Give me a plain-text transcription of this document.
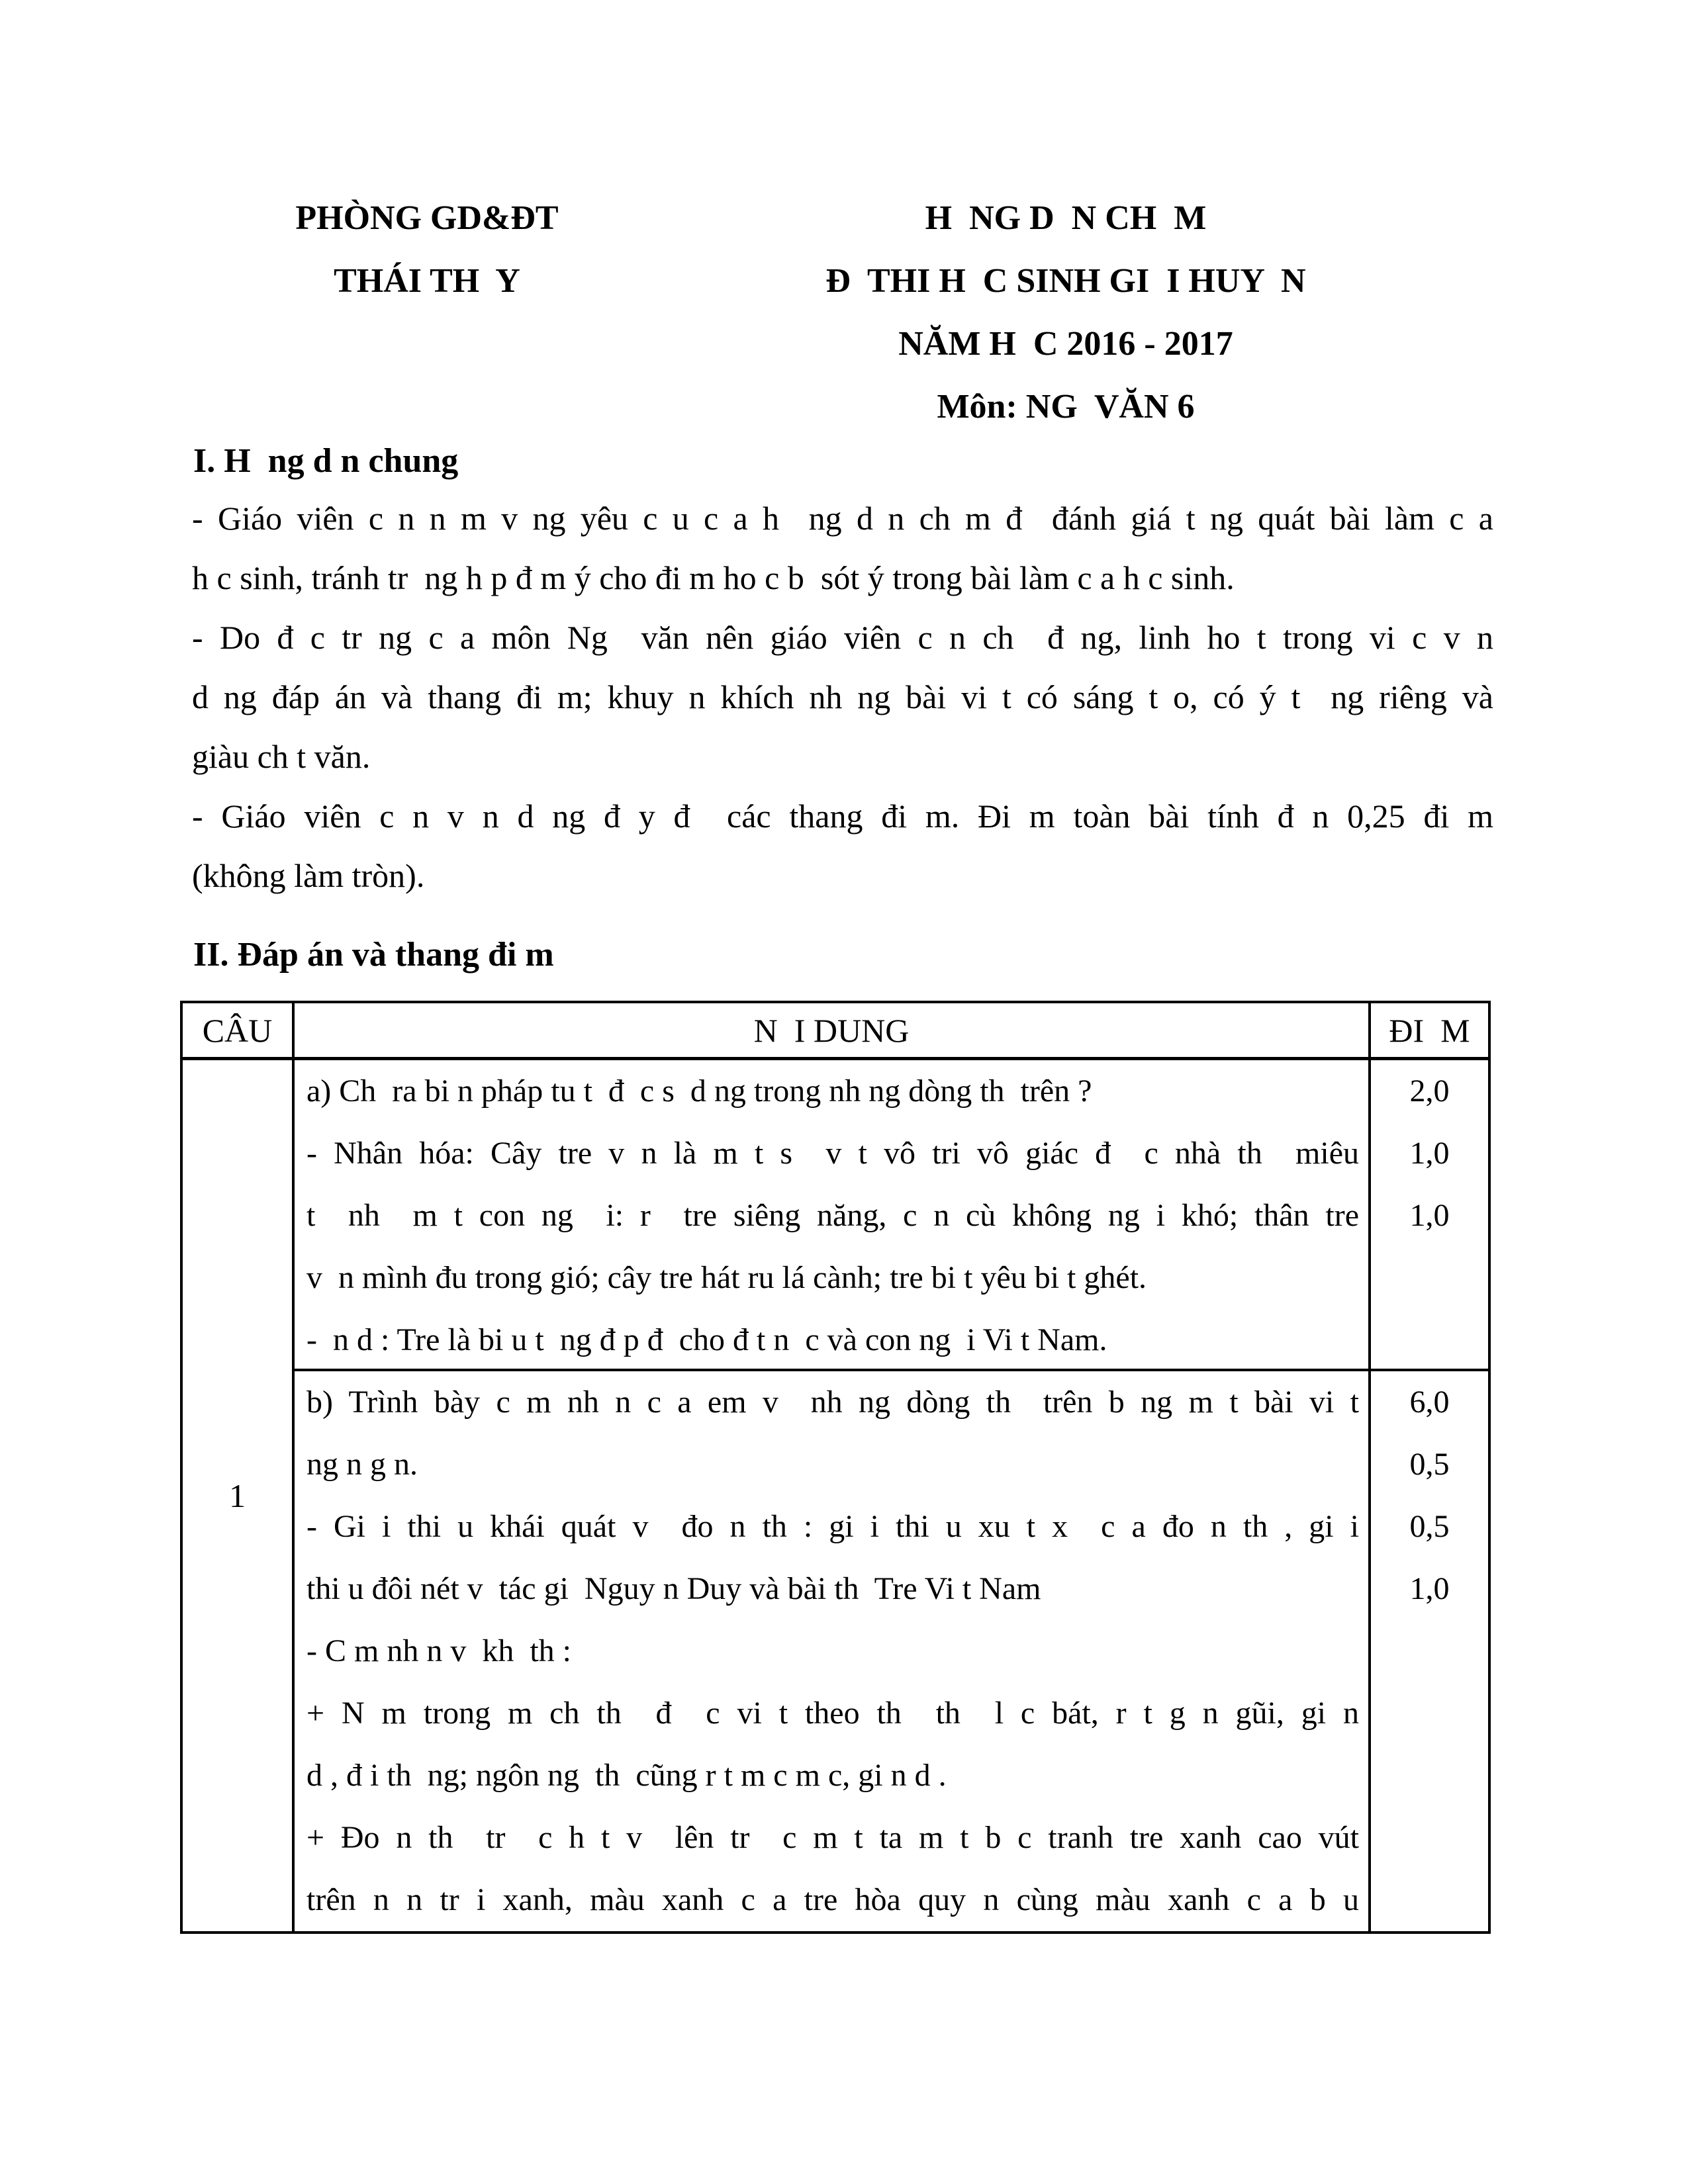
PHÒNG GD&ĐT
THÁI TH  Y
H  NG D  N CH  M
Đ  THI H  C SINH GI  I HUY  N
NĂM H  C 2016 - 2017
Môn: NG  VĂN 6
I. H  ng d n chung
- Giáo viên c n n m v ng yêu c u c a h  ng d n ch m đ  đánh giá t ng quát bài làm c a
h c sinh, tránh tr  ng h p đ m ý cho đi m ho c b  sót ý trong bài làm c a h c sinh.
- Do đ c tr ng c a môn Ng  văn nên giáo viên c n ch  đ ng, linh ho t trong vi c v n
d ng đáp án và thang đi m; khuy n khích nh ng bài vi t có sáng t o, có ý t  ng riêng và
giàu ch t văn.
- Giáo viên c n v n d ng đ y đ  các thang đi m. Đi m toàn bài tính đ n 0,25 đi m
(không làm tròn).
II. Đáp án và thang đi m
CÂU	N  I DUNG	ĐI  M
1
a) Ch  ra bi n pháp tu t  đ  c s  d ng trong nh ng dòng th  trên ?
- Nhân hóa: Cây tre v n là m t s  v t vô tri vô giác đ  c nhà th  miêu
t  nh  m t con ng  i: r  tre siêng năng, c n cù không ng i khó; thân tre
v  n mình đu trong gió; cây tre hát ru lá cành; tre bi t yêu bi t ghét.
-  n d : Tre là bi u t  ng đ p đ  cho đ t n  c và con ng  i Vi t Nam.
2,0
1,0
1,0
b) Trình bày c m nh n c a em v  nh ng dòng th  trên b ng m t bài vi t
ng n g n.
- Gi i thi u khái quát v  đo n th : gi i thi u xu t x  c a đo n th , gi i
thi u đôi nét v  tác gi  Nguy n Duy và bài th  Tre Vi t Nam
- C m nh n v  kh  th :
+ N m trong m ch th  đ  c vi t theo th  th  l c bát, r t g n gũi, gi n
d , đ i th  ng; ngôn ng  th  cũng r t m c m c, gi n d .
+ Đo n th  tr  c h t v  lên tr  c m t ta m t b c tranh tre xanh cao vút
trên n n tr i xanh, màu xanh c a tre hòa quy n cùng màu xanh c a b u
6,0
0,5
0,5
1,0
